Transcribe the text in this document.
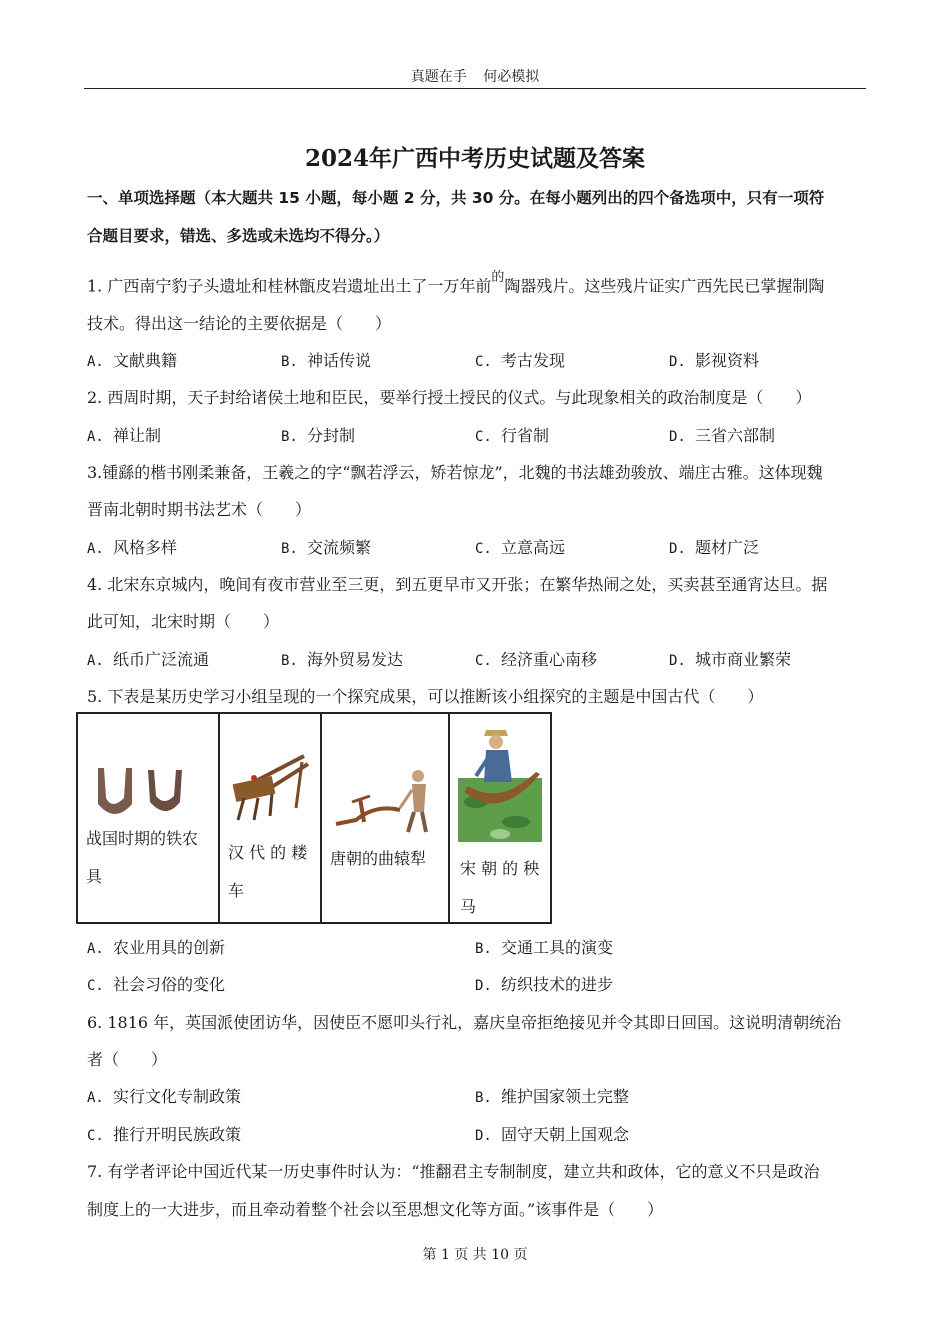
真题在手 何必模拟
2024年广西中考历史试题及答案
一、单项选择题（本大题共 15 小题，每小题 2 分，共 30 分。在每小题列出的四个备选项中，只有一项符
合题目要求，错选、多选或未选均不得分。）
1. 广西南宁豹子头遗址和桂林甑皮岩遗址出土了一万年前$^的$陶器残片。这些残片证实广西先民已掌握制陶
技术。得出这一结论的主要依据是（　　）
A. 文献典籍	B. 神话传说	C. 考古发现	D. 影视资料
2. 西周时期，天子封给诸侯土地和臣民，要举行授土授民的仪式。与此现象相关的政治制度是（　　）
A. 禅让制	B. 分封制	C. 行省制	D. 三省六部制
3.锺繇的楷书刚柔兼备，王羲之的字“飘若浮云，矫若惊龙”，北魏的书法雄劲骏放、端庄古雅。这体现魏
晋南北朝时期书法艺术（　　）
A. 风格多样	B. 交流频繁	C. 立意高远	D. 题材广泛
4. 北宋东京城内，晚间有夜市营业至三更，到五更早市又开张；在繁华热闹之处，买卖甚至通宵达旦。据
此可知，北宋时期（　　）
A. 纸币广泛流通	B. 海外贸易发达	C. 经济重心南移	D. 城市商业繁荣
5. 下表是某历史学习小组呈现的一个探究成果，可以推断该小组探究的主题是中国古代（　　）
战国时期的铁农
具

汉 代 的 耧
车

唐朝的曲辕犁

宋 朝 的 秧
马
A. 农业用具的创新	B. 交通工具的演变
C. 社会习俗的变化	D. 纺织技术的进步
6. 1816 年，英国派使团访华，因使臣不愿叩头行礼，嘉庆皇帝拒绝接见并令其即日回国。这说明清朝统治
者（　　）
A. 实行文化专制政策	B. 维护国家领土完整
C. 推行开明民族政策	D. 固守天朝上国观念
7. 有学者评论中国近代某一历史事件时认为：“推翻君主专制制度，建立共和政体，它的意义不只是政治
制度上的一大进步，而且牵动着整个社会以至思想文化等方面。”该事件是（　　）
第 1 页 共 10 页
